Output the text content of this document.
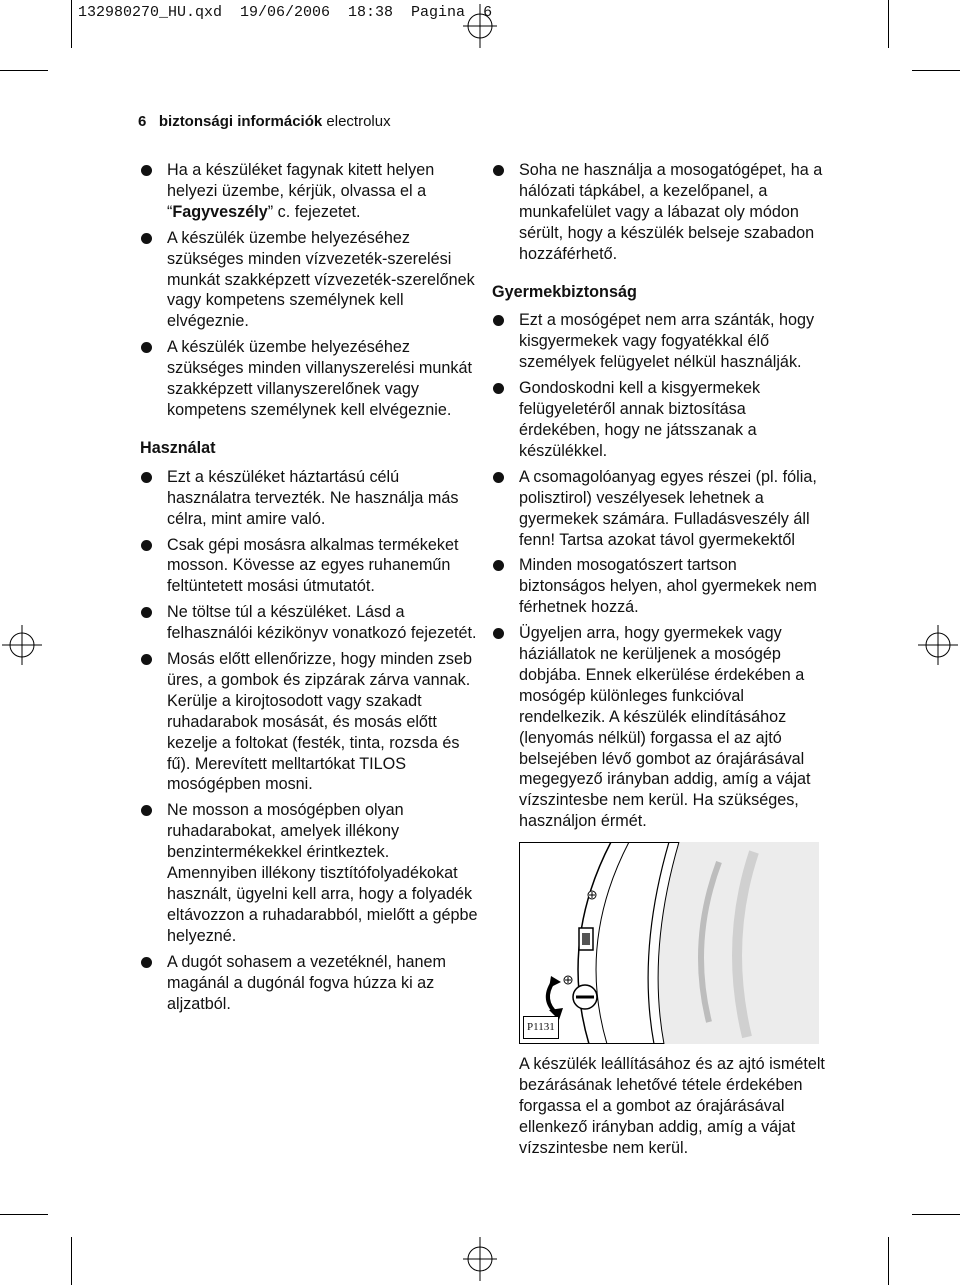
132980270_HU.qxd  19/06/2006  18:38  Pagina  6
6 biztonsági információk electrolux
Ha a készüléket fagynak kitett helyen helyezi üzembe, kérjük, olvassa el a “Fagyveszély” c. fejezetet.
A készülék üzembe helyezéséhez szükséges minden vízvezeték-szerelési munkát szakképzett vízvezeték-szerelőnek vagy kompetens személynek kell elvégeznie.
A készülék üzembe helyezéséhez szükséges minden villanyszerelési munkát szakképzett villanyszerelőnek vagy kompetens személynek kell elvégeznie.
Használat
Ezt a készüléket háztartású célú használatra tervezték. Ne használja más célra, mint amire való.
Csak gépi mosásra alkalmas termékeket mosson. Kövesse az egyes ruhaneműn feltüntetett mosási útmutatót.
Ne töltse túl a készüléket. Lásd a felhasználói kézikönyv vonatkozó fejezetét.
Mosás előtt ellenőrizze, hogy minden zseb üres, a gombok és zipzárak zárva vannak. Kerülje a kirojtosodott vagy szakadt ruhadarabok mosását, és mosás előtt kezelje a foltokat (festék, tinta, rozsda és fű). Merevített melltartókat TILOS mosógépben mosni.
Ne mosson a mosógépben olyan ruhadarabokat, amelyek illékony benzintermékekkel érintkeztek. Amennyiben illékony tisztítófolyadékokat használt, ügyelni kell arra, hogy a folyadék eltávozzon a ruhadarabból, mielőtt a gépbe helyezné.
A dugót sohasem a vezetéknél, hanem magánál a dugónál fogva húzza ki az aljzatból.
Soha ne használja a mosogatógépet, ha a hálózati tápkábel, a kezelőpanel, a munkafelület vagy a lábazat oly módon sérült, hogy a készülék belseje szabadon hozzáférhető.
Gyermekbiztonság
Ezt a mosógépet nem arra szánták, hogy kisgyermekek vagy fogyatékkal élő személyek felügyelet nélkül használják.
Gondoskodni kell a kisgyermekek felügyeletéről annak biztosítása érdekében, hogy ne játsszanak a készülékkel.
A csomagolóanyag egyes részei (pl. fólia, polisztirol) veszélyesek lehetnek a gyermekek számára. Fulladásveszély áll fenn! Tartsa azokat távol gyermekektől
Minden mosogatószert tartson biztonságos helyen, ahol gyermekek nem férhetnek hozzá.
Ügyeljen arra, hogy gyermekek vagy háziállatok ne kerüljenek a mosógép dobjába. Ennek elkerülése érdekében a mosógép különleges funkcióval rendelkezik. A készülék elindításához (lenyomás nélkül) forgassa el az ajtó belsejében lévő gombot az órajárásával megegyező irányban addig, amíg a vájat vízszintesbe nem kerül. Ha szükséges, használjon érmét.
P1131

A készülék leállításához és az ajtó ismételt bezárásának lehetővé tétele érdekében forgassa el a gombot az órajárásával ellenkező irányban addig, amíg a vájat vízszintesbe nem kerül.
